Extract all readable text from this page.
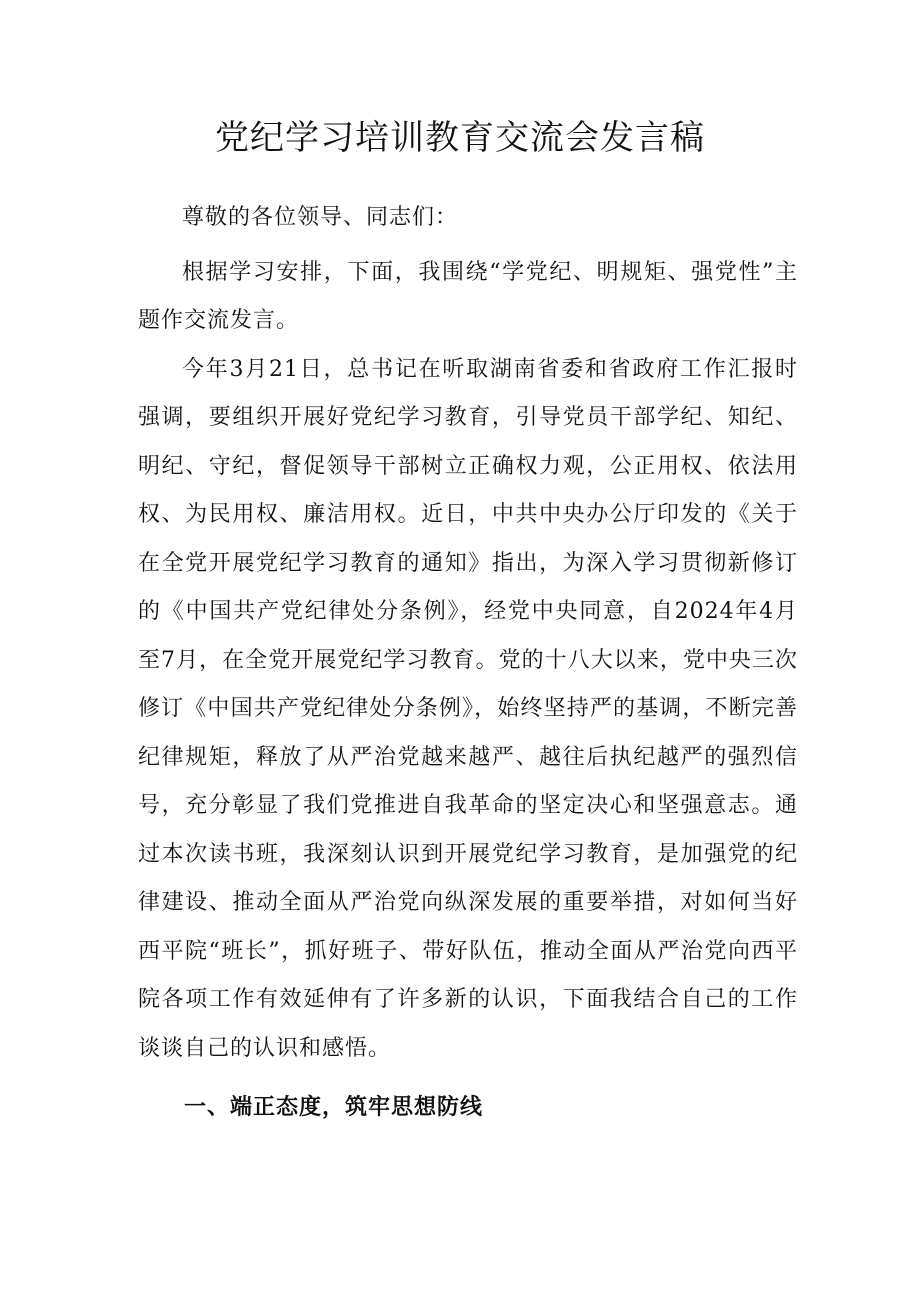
党纪学习培训教育交流会发言稿

尊敬的各位领导、同志们：

根据学习安排，下面，我围绕“学党纪、明规矩、强党性”主题作交流发言。

今年3月21日，总书记在听取湖南省委和省政府工作汇报时强调，要组织开展好党纪学习教育，引导党员干部学纪、知纪、明纪、守纪，督促领导干部树立正确权力观，公正用权、依法用权、为民用权、廉洁用权。近日，中共中央办公厅印发的《关于在全党开展党纪学习教育的通知》指出，为深入学习贯彻新修订的《中国共产党纪律处分条例》，经党中央同意，自2024年4月至7月，在全党开展党纪学习教育。党的十八大以来，党中央三次修订《中国共产党纪律处分条例》，始终坚持严的基调，不断完善纪律规矩，释放了从严治党越来越严、越往后执纪越严的强烈信号，充分彰显了我们党推进自我革命的坚定决心和坚强意志。通过本次读书班，我深刻认识到开展党纪学习教育，是加强党的纪律建设、推动全面从严治党向纵深发展的重要举措，对如何当好西平院“班长”，抓好班子、带好队伍，推动全面从严治党向西平院各项工作有效延伸有了许多新的认识，下面我结合自己的工作谈谈自己的认识和感悟。

一、端正态度，筑牢思想防线
